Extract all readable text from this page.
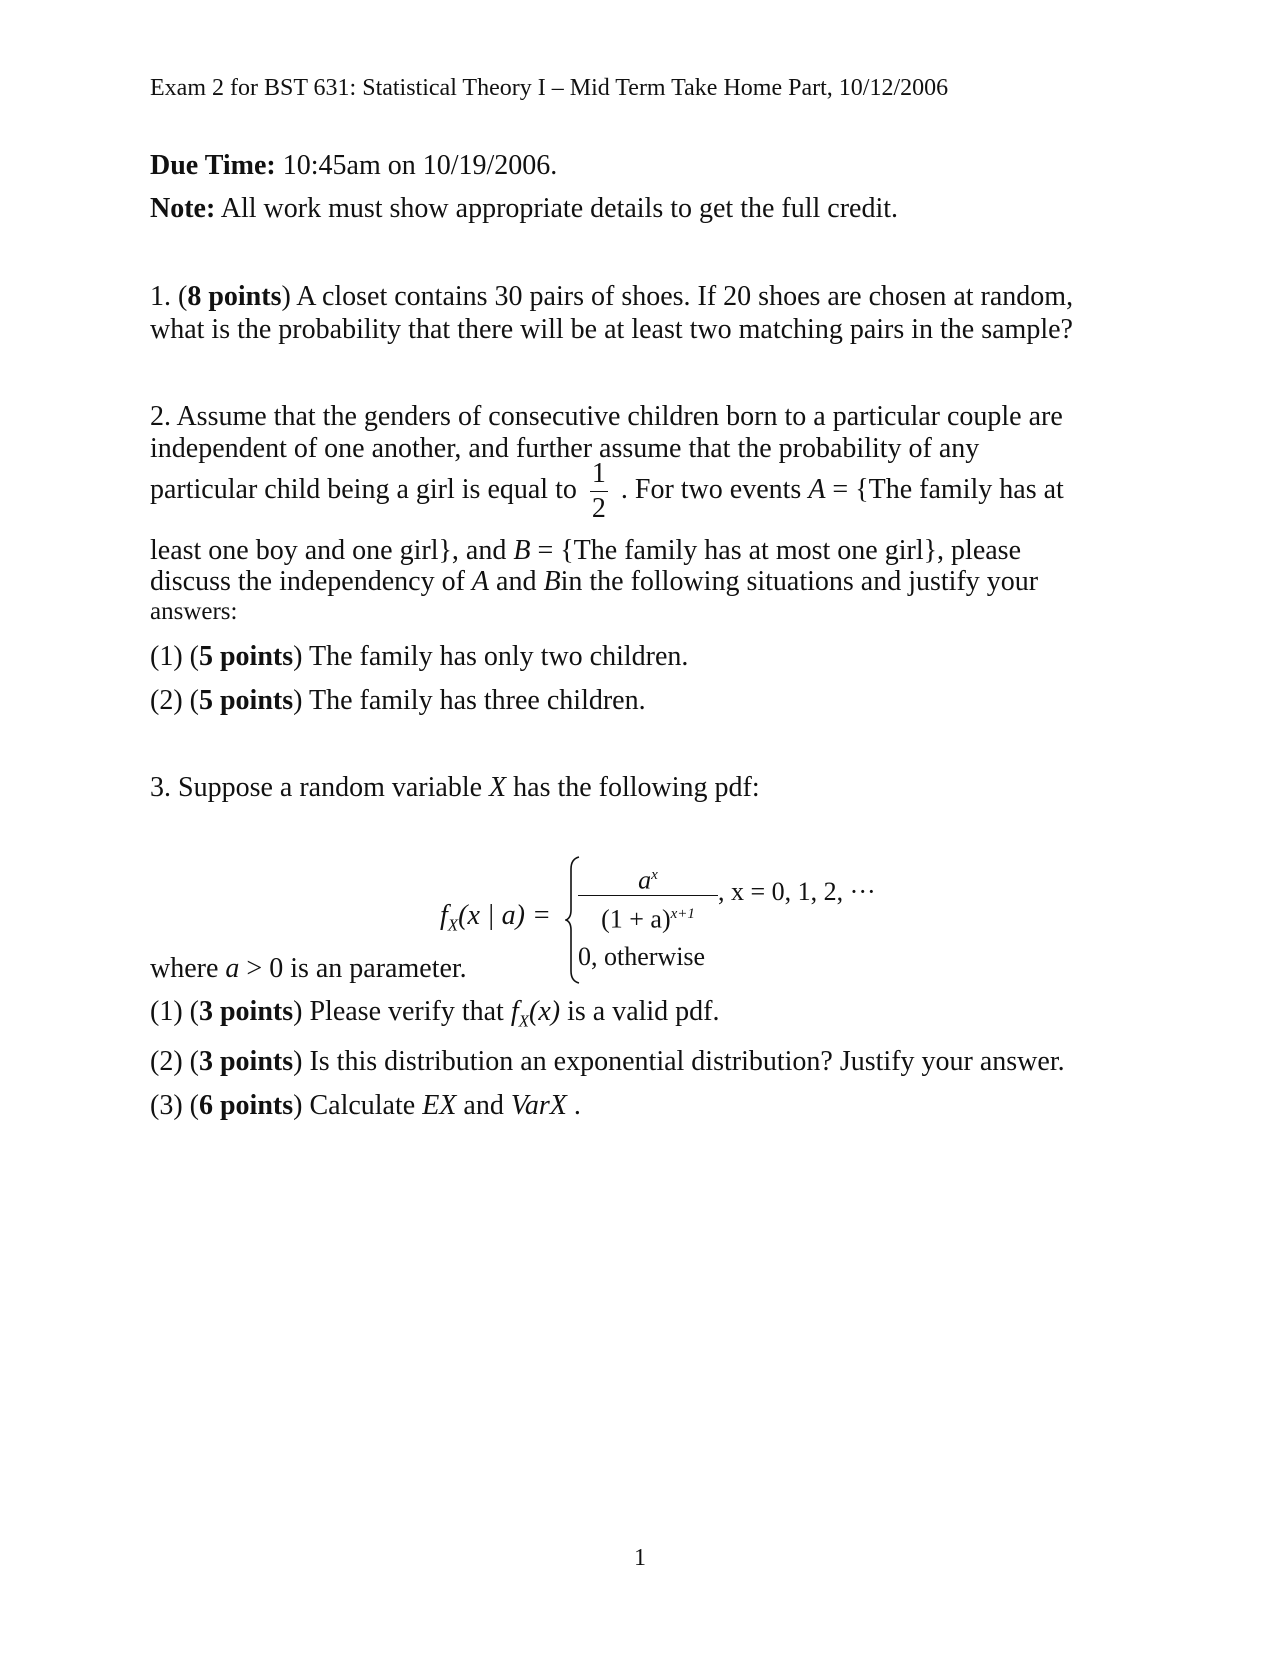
Exam 2 for BST 631: Statistical Theory I – Mid Term Take Home Part, 10/12/2006
Due Time: 10:45am on 10/19/2006.
Note: All work must show appropriate details to get the full credit.
1. (8 points) A closet contains 30 pairs of shoes. If 20 shoes are chosen at random,
what is the probability that there will be at least two matching pairs in the sample?
2. Assume that the genders of consecutive children born to a particular couple are
independent of one another, and further assume that the probability of any
particular child being a girl is equal to $\frac{1}{2}$ . For two events A = {The family has at
least one boy and one girl}, and B = {The family has at most one girl}, please
discuss the independency of A and Bin the following situations and justify your
answers:
(1) (5 points) The family has only two children.
(2) (5 points) The family has three children.
3. Suppose a random variable X has the following pdf:
$f_X(x$ | $a) = \frac{a^x}{(1 + a)^{x+1}}$ , x = 0, 1, 2, ···
0, otherwise
where a > 0 is an parameter.
(1) (3 points) Please verify that $f_X(x)$ is a valid pdf.
(2) (3 points) Is this distribution an exponential distribution? Justify your answer.
(3) (6 points) Calculate EX and VarX .
1
